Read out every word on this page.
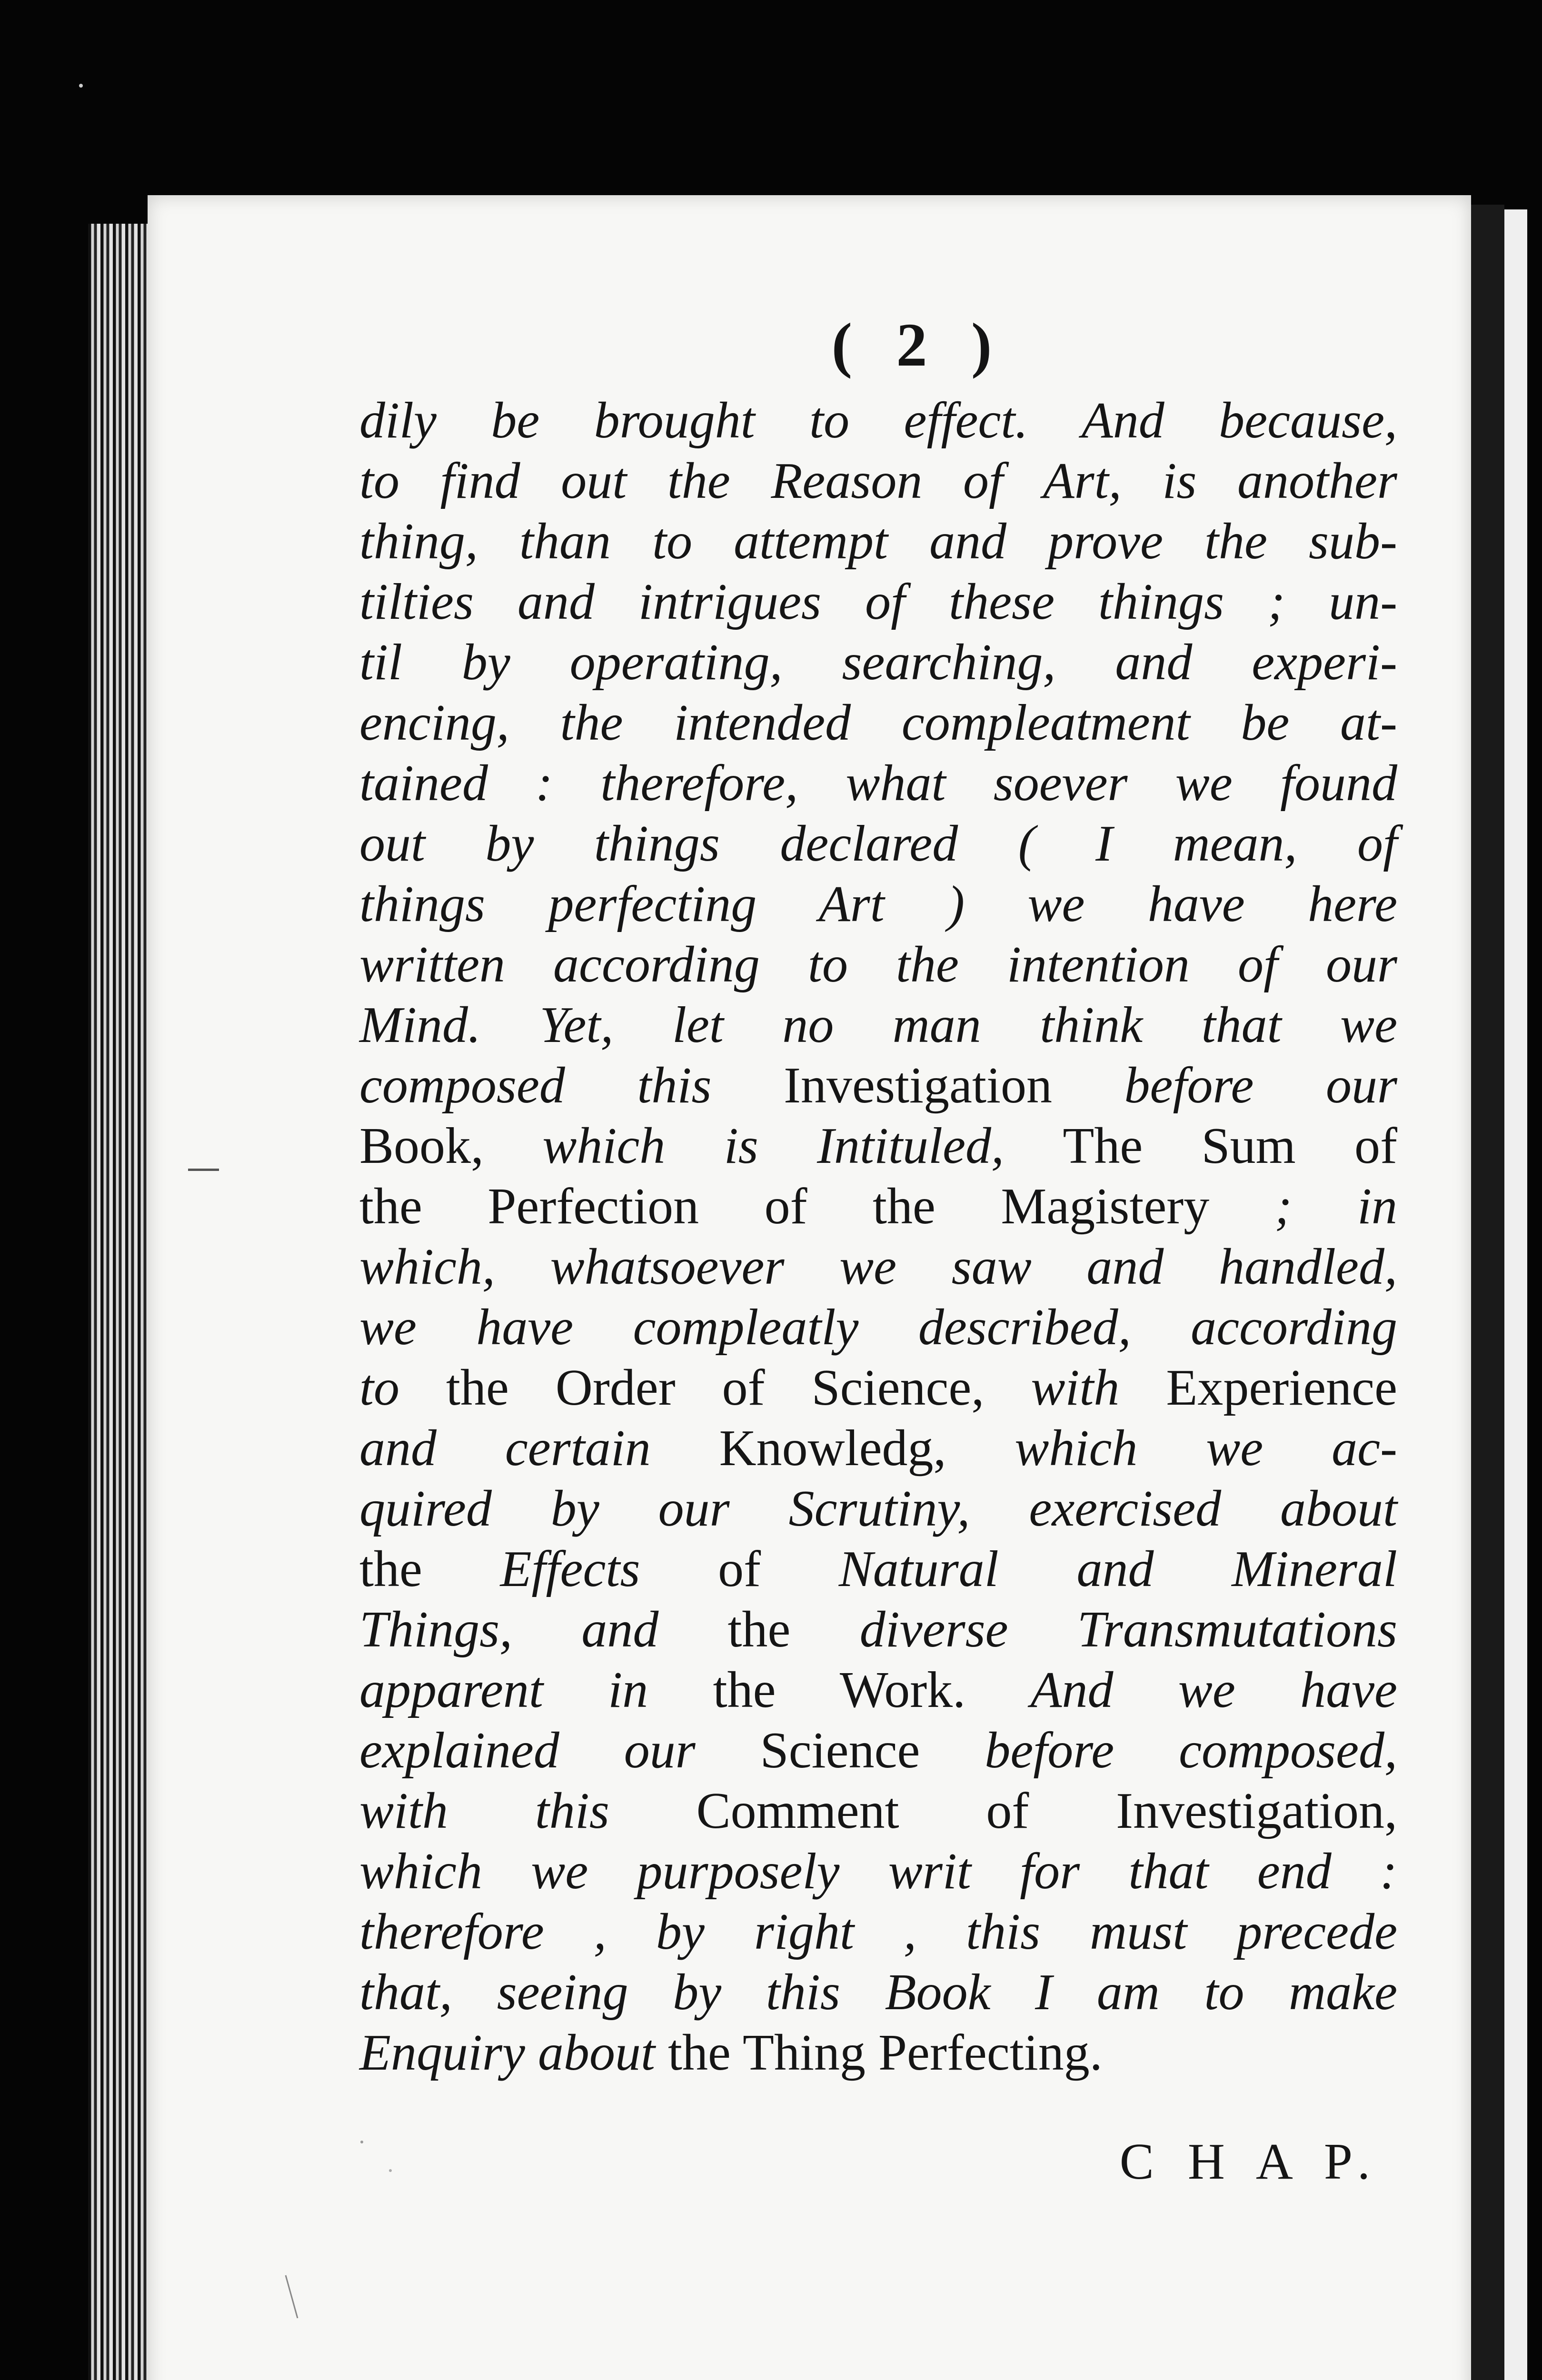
( 2 )
dily be brought to effect. And because,
to find out the Reason of Art, is another
thing, than to attempt and prove the sub-
tilties and intrigues of these things ; un-
til by operating, searching, and experi-
encing, the intended compleatment be at-
tained : therefore, what soever we found
out by things declared ( I mean, of
things perfecting Art ) we have here
written according to the intention of our
Mind. Yet, let no man think that we
composed this Investigation before our
Book, which is Intituled, The Sum of
the Perfection of the Magistery ; in
which, whatsoever we saw and handled,
we have compleatly described, according
to the Order of Science, with Experience
and certain Knowledg, which we ac-
quired by our Scrutiny, exercised about
the Effects of Natural and Mineral
Things, and the diverse Transmutations
apparent in the Work. And we have
explained our Science before composed,
with this Comment of Investigation,
which we purposely writ for that end :
therefore , by right , this must precede
that, seeing by this Book I am to make
Enquiry about the Thing Perfecting.
C H A P.
